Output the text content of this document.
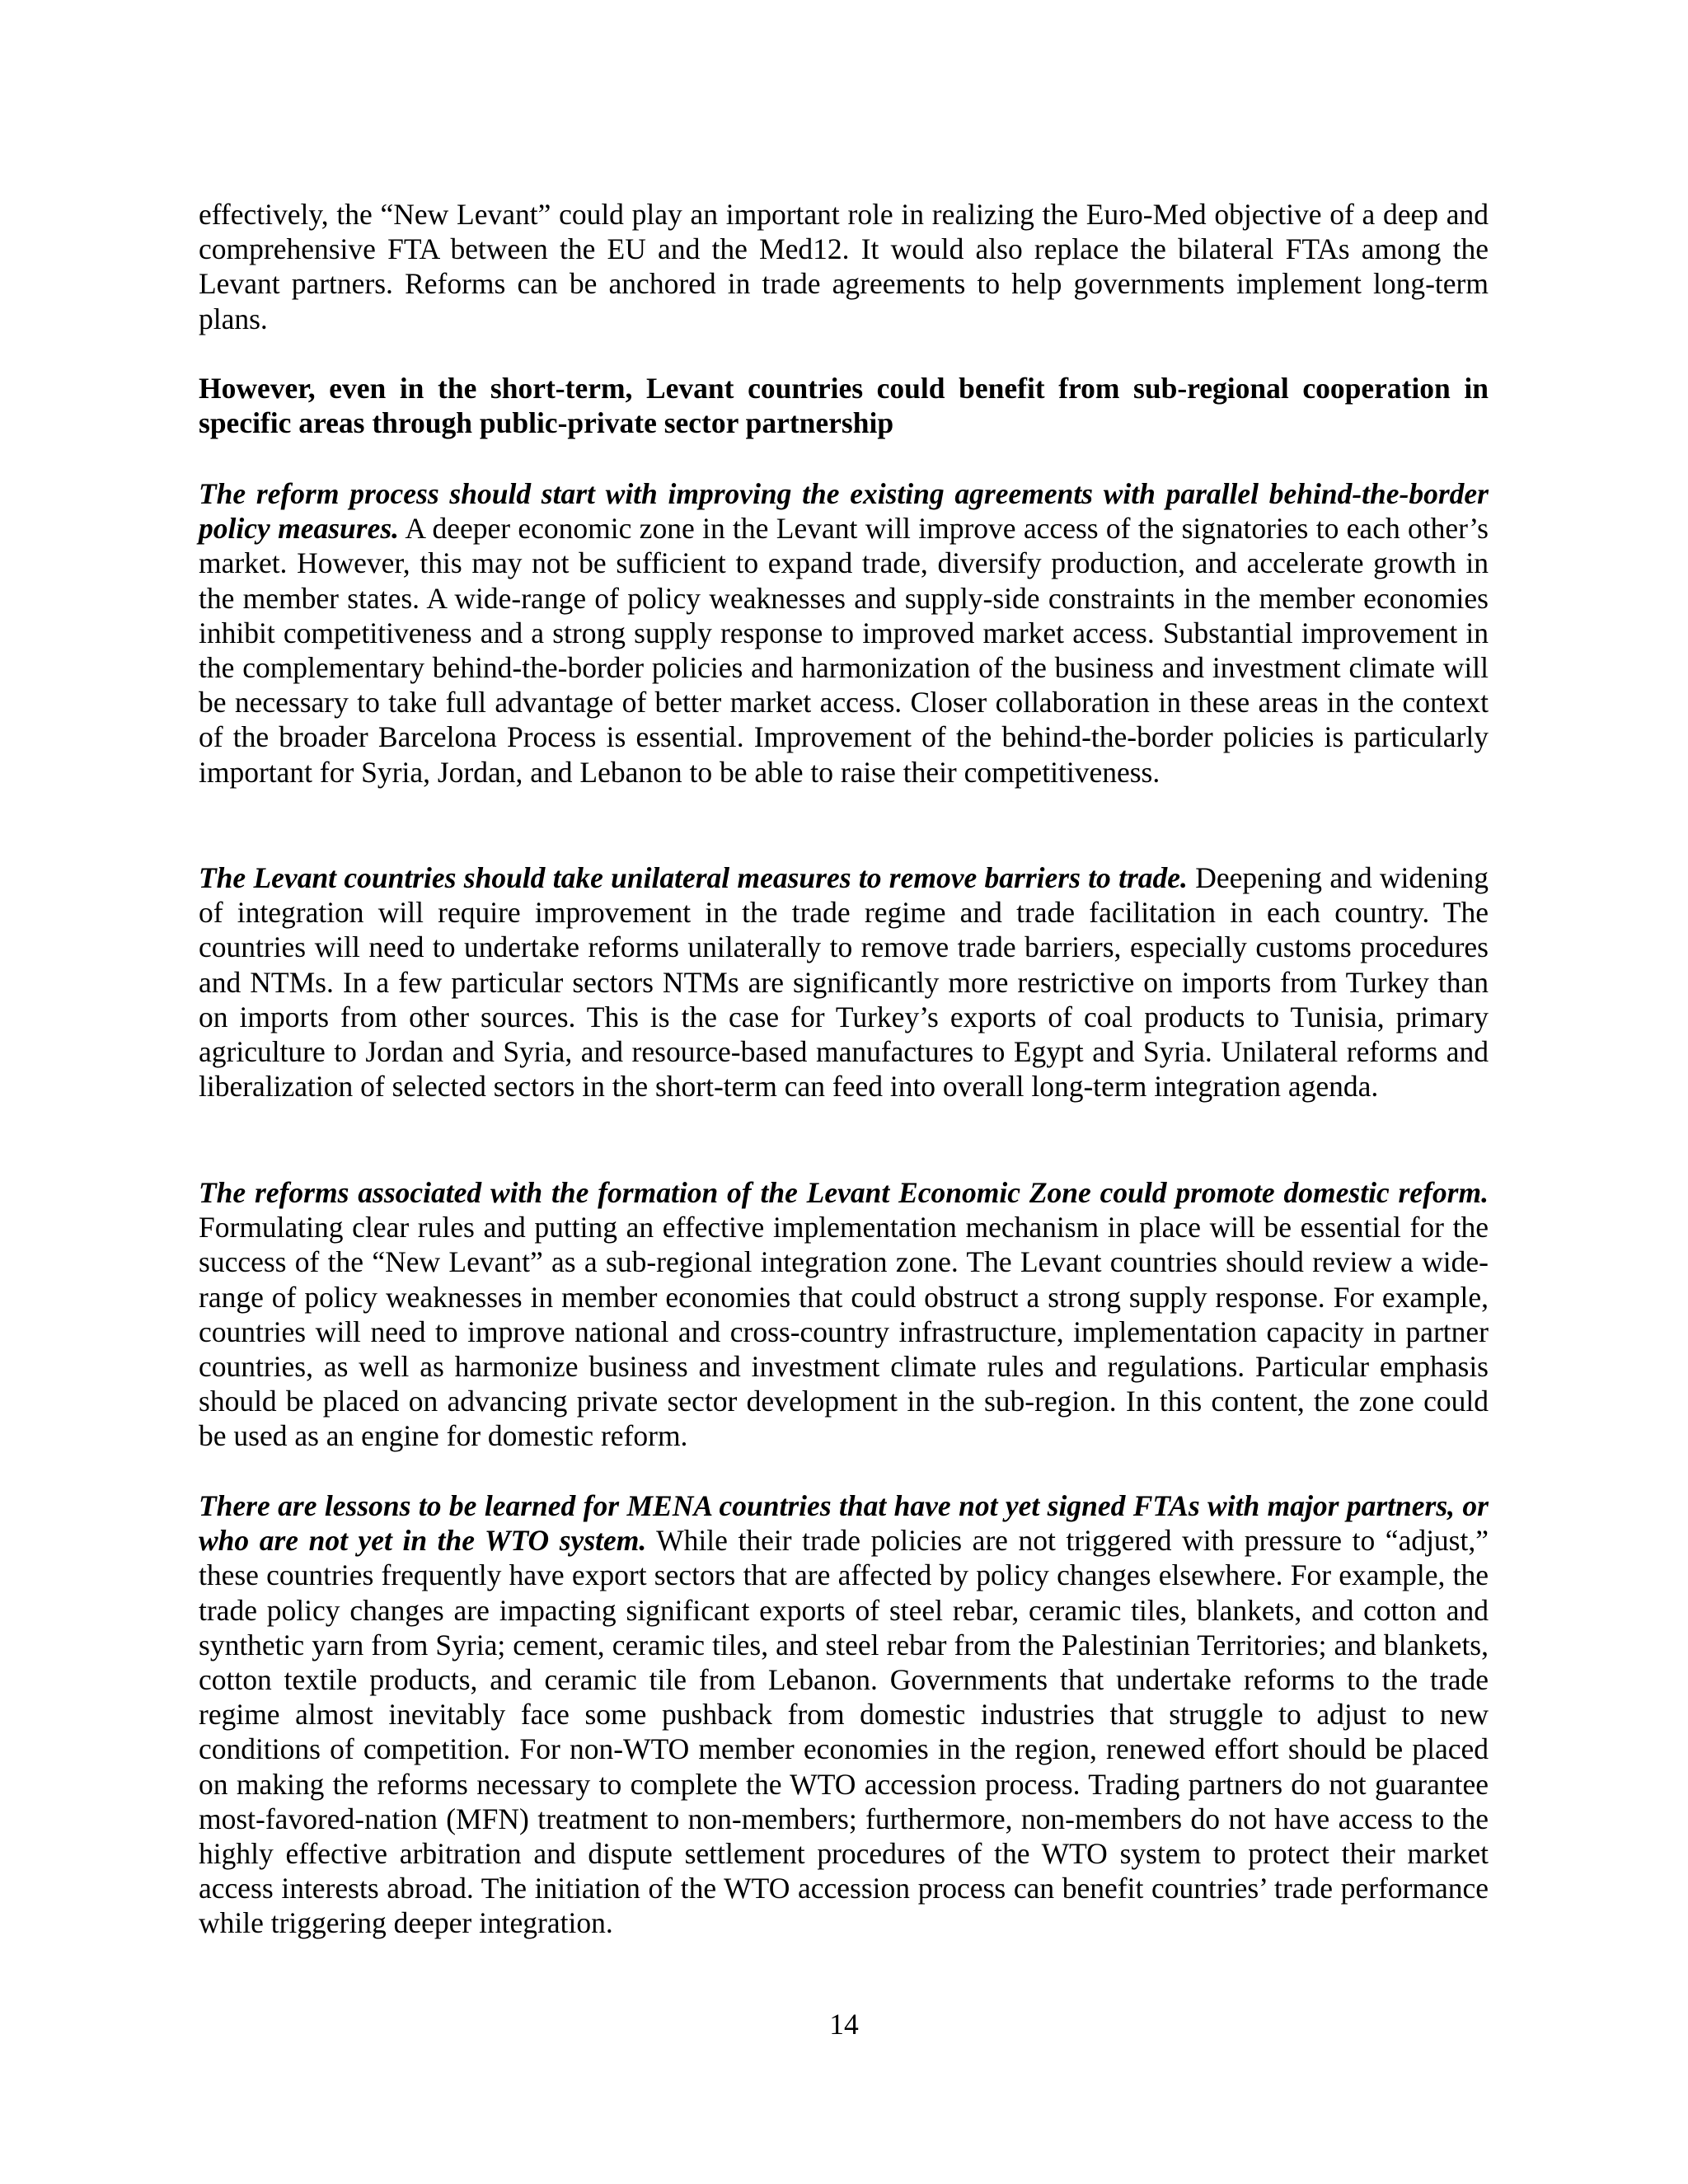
effectively, the “New Levant” could play an important role in realizing the Euro-Med objective of a deep and comprehensive FTA between the EU and the Med12. It would also replace the bilateral FTAs among the Levant partners. Reforms can be anchored in trade agreements to help governments implement long-term plans.

However, even in the short-term, Levant countries could benefit from sub-regional cooperation in specific areas through public-private sector partnership

The reform process should start with improving the existing agreements with parallel behind-the-border policy measures. A deeper economic zone in the Levant will improve access of the signatories to each other’s market. However, this may not be sufficient to expand trade, diversify production, and accelerate growth in the member states. A wide-range of policy weaknesses and supply-side constraints in the member economies inhibit competitiveness and a strong supply response to improved market access. Substantial improvement in the complementary behind-the-border policies and harmonization of the business and investment climate will be necessary to take full advantage of better market access. Closer collaboration in these areas in the context of the broader Barcelona Process is essential. Improvement of the behind-the-border policies is particularly important for Syria, Jordan, and Lebanon to be able to raise their competitiveness.

The Levant countries should take unilateral measures to remove barriers to trade. Deepening and widening of integration will require improvement in the trade regime and trade facilitation in each country. The countries will need to undertake reforms unilaterally to remove trade barriers, especially customs procedures and NTMs. In a few particular sectors NTMs are significantly more restrictive on imports from Turkey than on imports from other sources. This is the case for Turkey’s exports of coal products to Tunisia, primary agriculture to Jordan and Syria, and resource-based manufactures to Egypt and Syria. Unilateral reforms and liberalization of selected sectors in the short-term can feed into overall long-term integration agenda.

The reforms associated with the formation of the Levant Economic Zone could promote domestic reform. Formulating clear rules and putting an effective implementation mechanism in place will be essential for the success of the “New Levant” as a sub-regional integration zone. The Levant countries should review a wide-range of policy weaknesses in member economies that could obstruct a strong supply response. For example, countries will need to improve national and cross-country infrastructure, implementation capacity in partner countries, as well as harmonize business and investment climate rules and regulations. Particular emphasis should be placed on advancing private sector development in the sub-region. In this content, the zone could be used as an engine for domestic reform.

There are lessons to be learned for MENA countries that have not yet signed FTAs with major partners, or who are not yet in the WTO system. While their trade policies are not triggered with pressure to “adjust,” these countries frequently have export sectors that are affected by policy changes elsewhere. For example, the trade policy changes are impacting significant exports of steel rebar, ceramic tiles, blankets, and cotton and synthetic yarn from Syria; cement, ceramic tiles, and steel rebar from the Palestinian Territories; and blankets, cotton textile products, and ceramic tile from Lebanon. Governments that undertake reforms to the trade regime almost inevitably face some pushback from domestic industries that struggle to adjust to new conditions of competition. For non-WTO member economies in the region, renewed effort should be placed on making the reforms necessary to complete the WTO accession process. Trading partners do not guarantee most-favored-nation (MFN) treatment to non-members; furthermore, non-members do not have access to the highly effective arbitration and dispute settlement procedures of the WTO system to protect their market access interests abroad. The initiation of the WTO accession process can benefit countries’ trade performance while triggering deeper integration.

14
